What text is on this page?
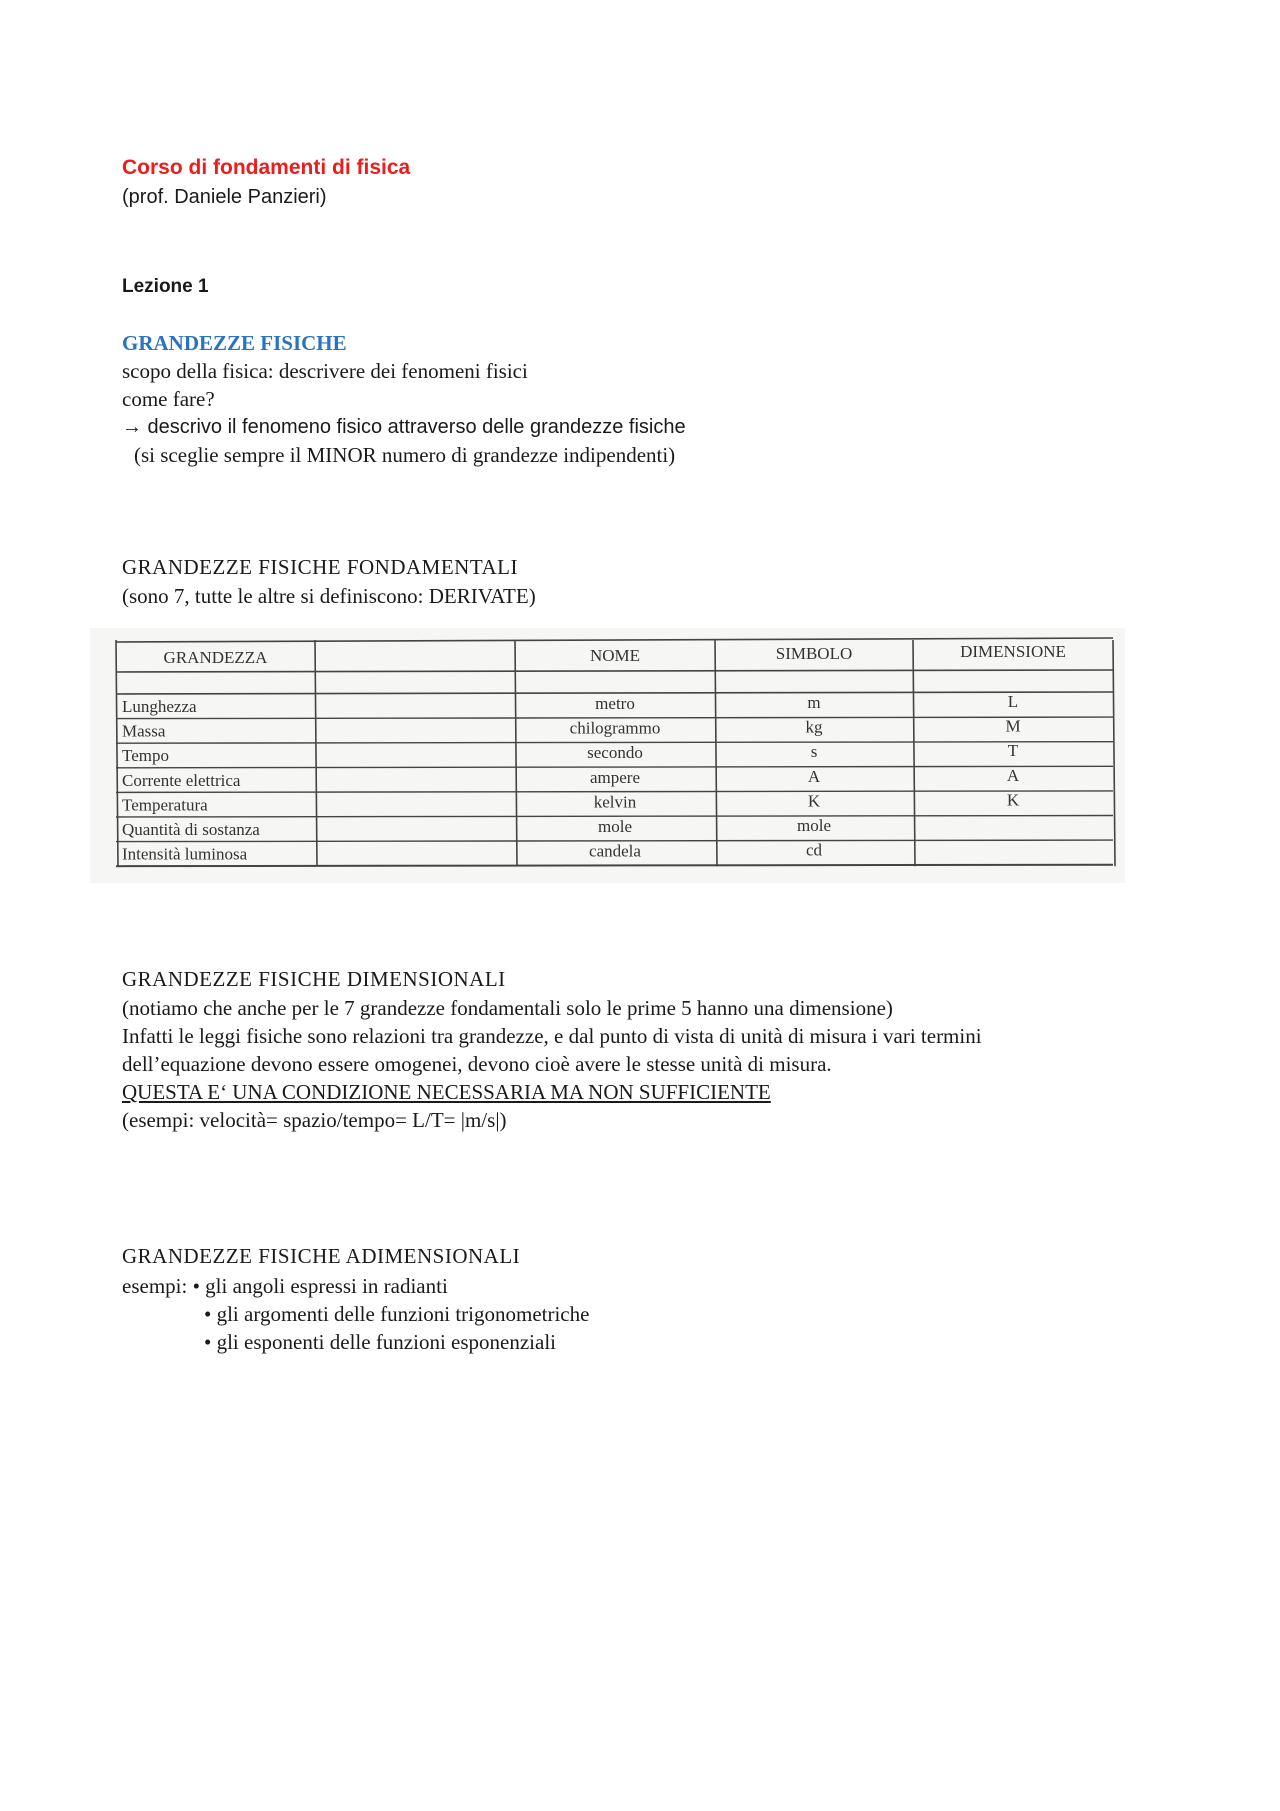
Corso di fondamenti di fisica

(prof. Daniele Panzieri)

Lezione 1

GRANDEZZE FISICHE

scopo della fisica: descrivere dei fenomeni fisici

come fare?

→ descrivo il fenomeno fisico attraverso delle grandezze fisiche

(si sceglie sempre il MINOR numero di grandezze indipendenti)

GRANDEZZE FISICHE FONDAMENTALI

(sono 7, tutte le altre si definiscono: DERIVATE)

GRANDEZZA	NOME	SIMBOLO	DIMENSIONE
Lunghezza	metro	m	L
Massa	chilogrammo	kg	M
Tempo	secondo	s	T
Corrente elettrica	ampere	A	A
Temperatura	kelvin	K	K
Quantità di sostanza	mole	mole
Intensità luminosa	candela	cd

GRANDEZZE FISICHE DIMENSIONALI

(notiamo che anche per le 7 grandezze fondamentali solo le prime 5 hanno una dimensione)

Infatti le leggi fisiche sono relazioni tra grandezze, e dal punto di vista di unità di misura i vari termini

dell’equazione devono essere omogenei, devono cioè avere le stesse unità di misura.

QUESTA E‘ UNA CONDIZIONE NECESSARIA MA NON SUFFICIENTE

(esempi: velocità= spazio/tempo= L/T= |m/s|)

GRANDEZZE FISICHE ADIMENSIONALI

esempi: • gli angoli espressi in radianti
• gli argomenti delle funzioni trigonometriche
• gli esponenti delle funzioni esponenziali
